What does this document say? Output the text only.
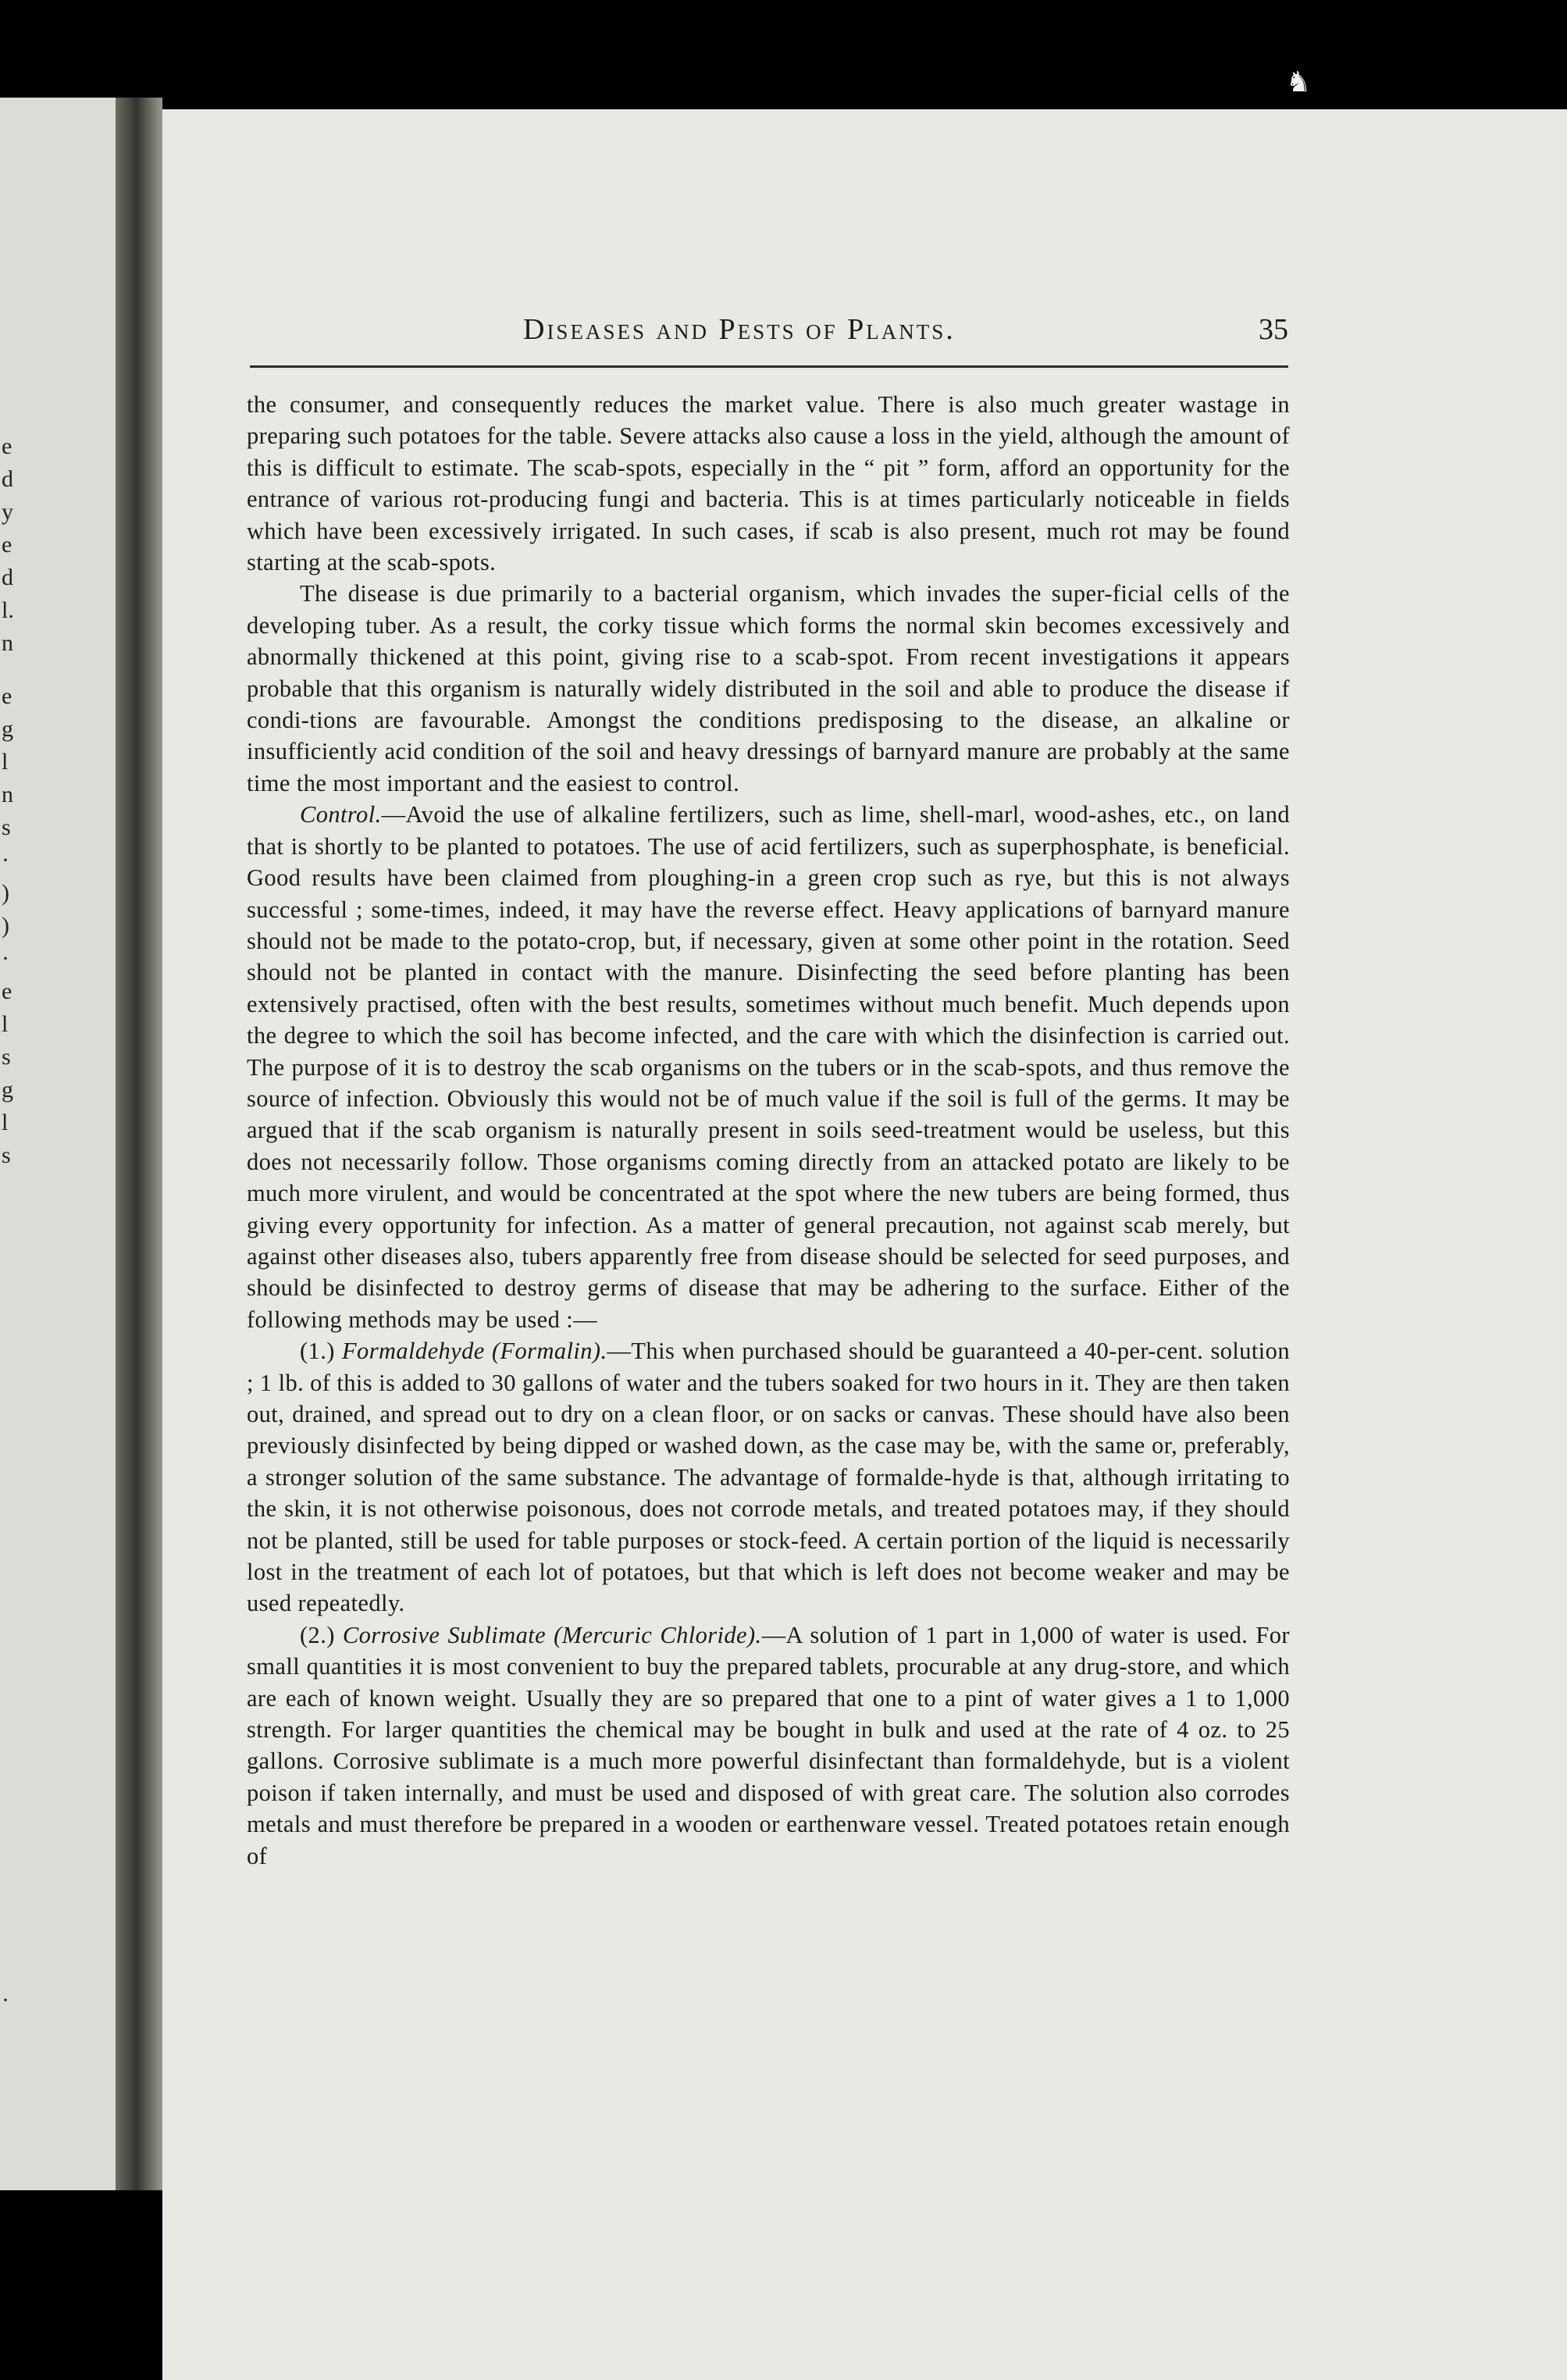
e
d
y
e
d
l.
n
e
g
l
n
s
·
)
)
·
e
l
s
g
l
s
·
♞
Diseases and Pests of Plants.	35

the consumer, and consequently reduces the market value. There is also much greater wastage in preparing such potatoes for the table. Severe attacks also cause a loss in the yield, although the amount of this is difficult to estimate. The scab-spots, especially in the “ pit ” form, afford an opportunity for the entrance of various rot-producing fungi and bacteria. This is at times particularly noticeable in fields which have been excessively irrigated. In such cases, if scab is also present, much rot may be found starting at the scab-spots.

The disease is due primarily to a bacterial organism, which invades the super-ficial cells of the developing tuber. As a result, the corky tissue which forms the normal skin becomes excessively and abnormally thickened at this point, giving rise to a scab-spot. From recent investigations it appears probable that this organism is naturally widely distributed in the soil and able to produce the disease if condi-tions are favourable. Amongst the conditions predisposing to the disease, an alkaline or insufficiently acid condition of the soil and heavy dressings of barnyard manure are probably at the same time the most important and the easiest to control.

Control.—Avoid the use of alkaline fertilizers, such as lime, shell-marl, wood-ashes, etc., on land that is shortly to be planted to potatoes. The use of acid fertilizers, such as superphosphate, is beneficial. Good results have been claimed from ploughing-in a green crop such as rye, but this is not always successful ; some-times, indeed, it may have the reverse effect. Heavy applications of barnyard manure should not be made to the potato-crop, but, if necessary, given at some other point in the rotation. Seed should not be planted in contact with the manure. Disinfecting the seed before planting has been extensively practised, often with the best results, sometimes without much benefit. Much depends upon the degree to which the soil has become infected, and the care with which the disinfection is carried out. The purpose of it is to destroy the scab organisms on the tubers or in the scab-spots, and thus remove the source of infection. Obviously this would not be of much value if the soil is full of the germs. It may be argued that if the scab organism is naturally present in soils seed-treatment would be useless, but this does not necessarily follow. Those organisms coming directly from an attacked potato are likely to be much more virulent, and would be concentrated at the spot where the new tubers are being formed, thus giving every opportunity for infection. As a matter of general precaution, not against scab merely, but against other diseases also, tubers apparently free from disease should be selected for seed purposes, and should be disinfected to destroy germs of disease that may be adhering to the surface. Either of the following methods may be used :—

(1.) Formaldehyde (Formalin).—This when purchased should be guaranteed a 40-per-cent. solution ; 1 lb. of this is added to 30 gallons of water and the tubers soaked for two hours in it. They are then taken out, drained, and spread out to dry on a clean floor, or on sacks or canvas. These should have also been previously disinfected by being dipped or washed down, as the case may be, with the same or, preferably, a stronger solution of the same substance. The advantage of formalde-hyde is that, although irritating to the skin, it is not otherwise poisonous, does not corrode metals, and treated potatoes may, if they should not be planted, still be used for table purposes or stock-feed. A certain portion of the liquid is necessarily lost in the treatment of each lot of potatoes, but that which is left does not become weaker and may be used repeatedly.

(2.) Corrosive Sublimate (Mercuric Chloride).—A solution of 1 part in 1,000 of water is used. For small quantities it is most convenient to buy the prepared tablets, procurable at any drug-store, and which are each of known weight. Usually they are so prepared that one to a pint of water gives a 1 to 1,000 strength. For larger quantities the chemical may be bought in bulk and used at the rate of 4 oz. to 25 gallons. Corrosive sublimate is a much more powerful disinfectant than formaldehyde, but is a violent poison if taken internally, and must be used and disposed of with great care. The solution also corrodes metals and must therefore be prepared in a wooden or earthenware vessel. Treated potatoes retain enough of
